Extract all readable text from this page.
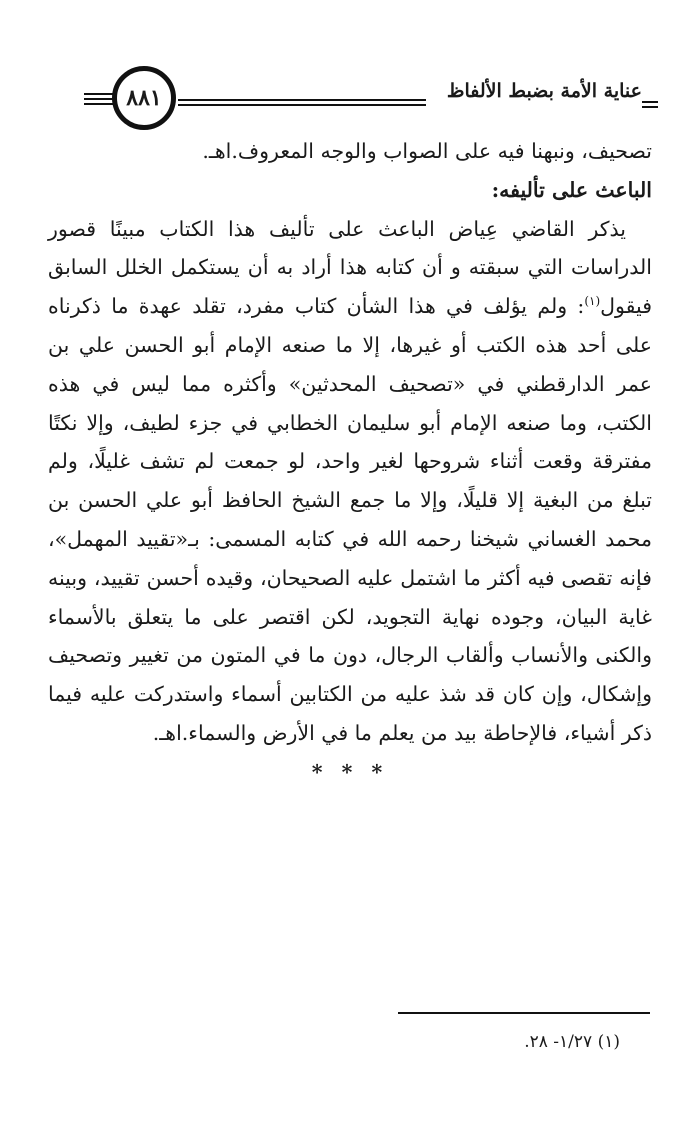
عناية الأمة بضبط الألفاظ
٨٨١

تصحيف، ونبهنا فيه على الصواب والوجه المعروف.اهـ.

الباعث على تأليفه:

يذكر القاضي عِياض الباعث على تأليف هذا الكتاب مبينًا قصور الدراسات التي سبقته و أن كتابه هذا أراد به أن يستكمل الخلل السابق فيقول$^{(١)}$: ولم يؤلف في هذا الشأن كتاب مفرد، تقلد عهدة ما ذكرناه على أحد هذه الكتب أو غيرها، إلا ما صنعه الإمام أبو الحسن علي بن عمر الدارقطني في «تصحيف المحدثين» وأكثره مما ليس في هذه الكتب، وما صنعه الإمام أبو سليمان الخطابي في جزء لطيف، وإلا نكتًا مفترقة وقعت أثناء شروحها لغير واحد، لو جمعت لم تشف غليلًا، ولم تبلغ من البغية إلا قليلًا، وإلا ما جمع الشيخ الحافظ أبو علي الحسن بن محمد الغساني شيخنا رحمه الله في كتابه المسمى: بـ«تقييد المهمل»، فإنه تقصى فيه أكثر ما اشتمل عليه الصحيحان، وقيده أحسن تقييد، وبينه غاية البيان، وجوده نهاية التجويد، لكن اقتصر على ما يتعلق بالأسماء والكنى والأنساب وألقاب الرجال، دون ما في المتون من تغيير وتصحيف وإشكال، وإن كان قد شذ عليه من الكتابين أسماء واستدركت عليه فيما ذكر أشياء، فالإحاطة بيد من يعلم ما في الأرض والسماء.اهـ.

* * *

(١) ١/٢٧- ٢٨.
